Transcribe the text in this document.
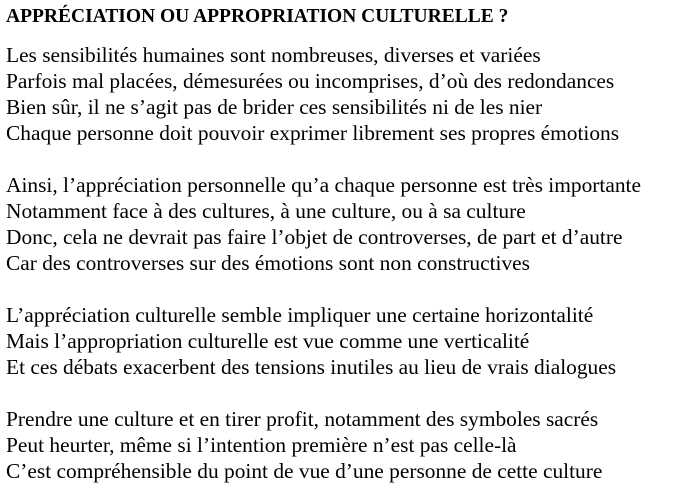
APPRÉCIATION OU APPROPRIATION CULTURELLE ?
Les sensibilités humaines sont nombreuses, diverses et variées
Parfois mal placées, démesurées ou incomprises, d’où des redondances
Bien sûr, il ne s’agit pas de brider ces sensibilités ni de les nier
Chaque personne doit pouvoir exprimer librement ses propres émotions
Ainsi, l’appréciation personnelle qu’a chaque personne est très importante
Notamment face à des cultures, à une culture, ou à sa culture
Donc, cela ne devrait pas faire l’objet de controverses, de part et d’autre
Car des controverses sur des émotions sont non constructives
L’appréciation culturelle semble impliquer une certaine horizontalité
Mais l’appropriation culturelle est vue comme une verticalité
Et ces débats exacerbent des tensions inutiles au lieu de vrais dialogues
Prendre une culture et en tirer profit, notamment des symboles sacrés
Peut heurter, même si l’intention première n’est pas celle-là
C’est compréhensible du point de vue d’une personne de cette culture
